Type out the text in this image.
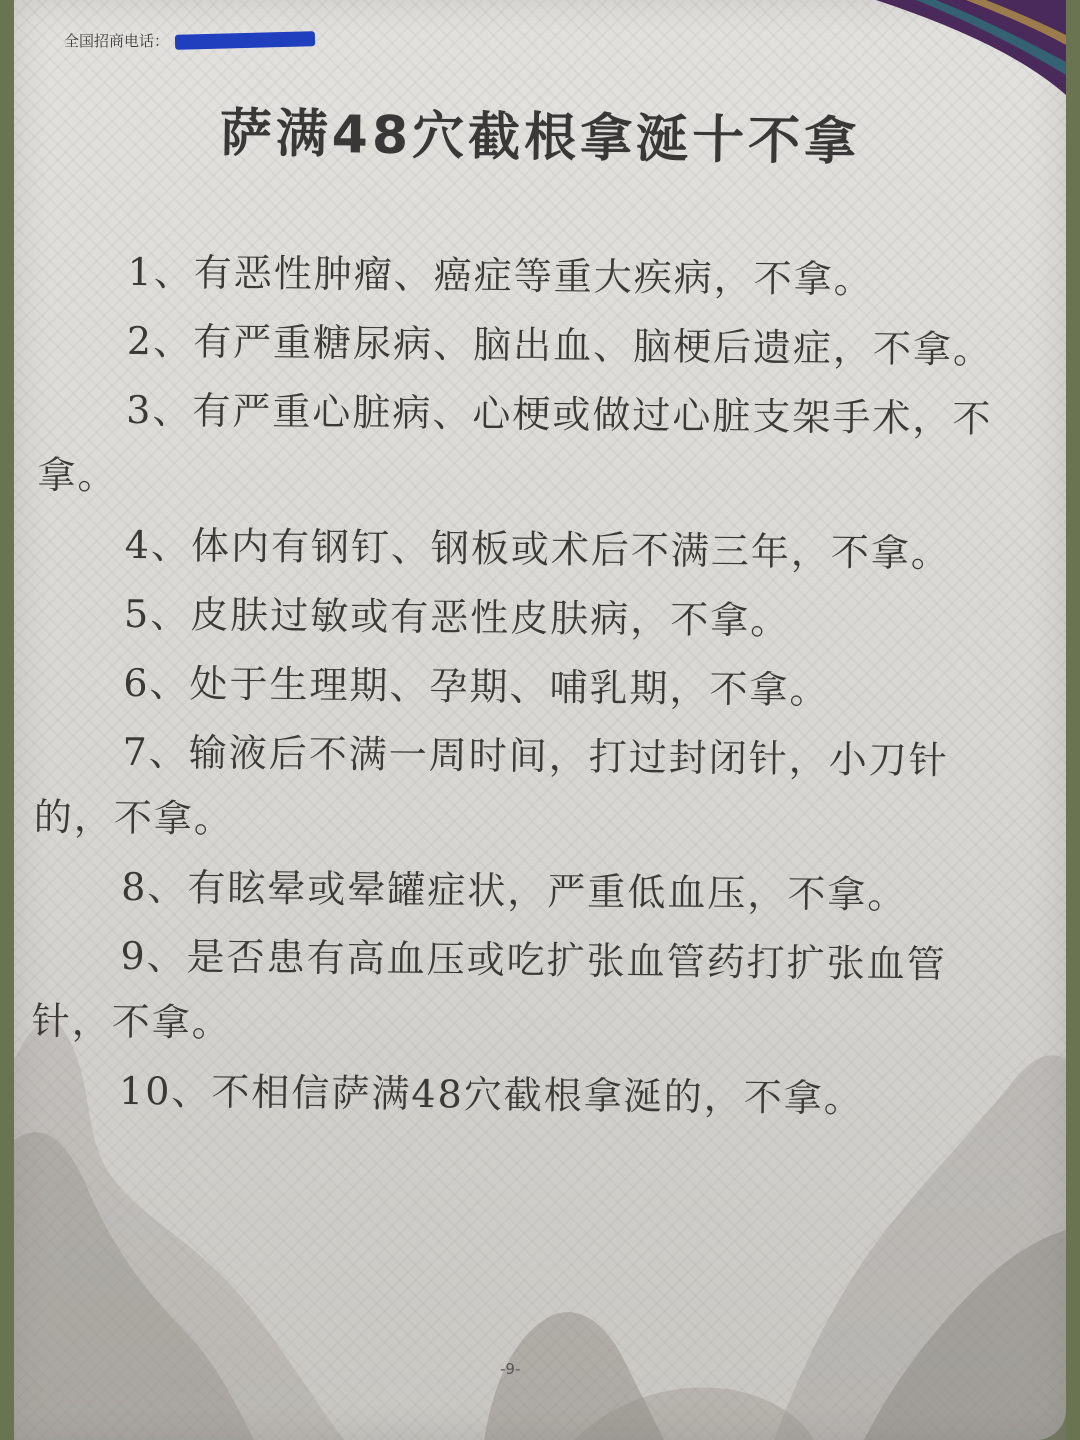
全国招商电话：
萨满48穴截根拿涎十不拿

1、有恶性肿瘤、癌症等重大疾病，不拿。

2、有严重糖尿病、脑出血、脑梗后遗症，不拿。

3、有严重心脏病、心梗或做过心脏支架手术，不拿。

4、体内有钢钉、钢板或术后不满三年，不拿。

5、皮肤过敏或有恶性皮肤病，不拿。

6、处于生理期、孕期、哺乳期，不拿。

7、输液后不满一周时间，打过封闭针，小刀针的，不拿。

8、有眩晕或晕罐症状，严重低血压，不拿。

9、是否患有高血压或吃扩张血管药打扩张血管针，不拿。

10、不相信萨满48穴截根拿涎的，不拿。

-9-
